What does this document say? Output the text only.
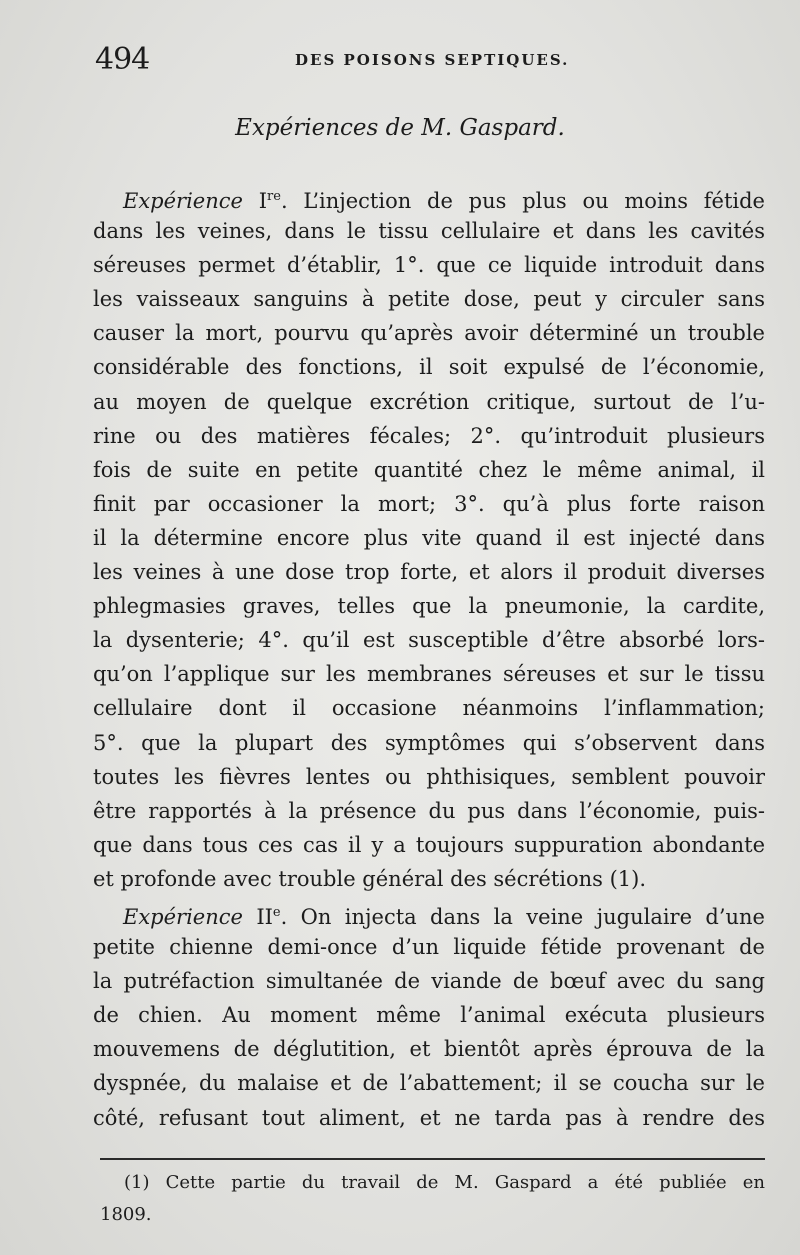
494	DES POISONS SEPTIQUES.
Expériences de M. Gaspard.
Expérience Ire. L’injection de pus plus ou moins fétide
dans les veines, dans le tissu cellulaire et dans les cavités
séreuses permet d’établir, 1°. que ce liquide introduit dans
les vaisseaux sanguins à petite dose, peut y circuler sans
causer la mort, pourvu qu’après avoir déterminé un trouble
considérable des fonctions, il soit expulsé de l’économie,
au moyen de quelque excrétion critique, surtout de l’u-
rine ou des matières fécales; 2°. qu’introduit plusieurs
fois de suite en petite quantité chez le même animal, il
finit par occasioner la mort; 3°. qu’à plus forte raison
il la détermine encore plus vite quand il est injecté dans
les veines à une dose trop forte, et alors il produit diverses
phlegmasies graves, telles que la pneumonie, la cardite,
la dysenterie; 4°. qu’il est susceptible d’être absorbé lors-
qu’on l’applique sur les membranes séreuses et sur le tissu
cellulaire dont il occasione néanmoins l’inflammation;
5°. que la plupart des symptômes qui s’observent dans
toutes les fièvres lentes ou phthisiques, semblent pouvoir
être rapportés à la présence du pus dans l’économie, puis-
que dans tous ces cas il y a toujours suppuration abondante
et profonde avec trouble général des sécrétions (1).
Expérience IIe. On injecta dans la veine jugulaire d’une
petite chienne demi-once d’un liquide fétide provenant de
la putréfaction simultanée de viande de bœuf avec du sang
de chien. Au moment même l’animal exécuta plusieurs
mouvemens de déglutition, et bientôt après éprouva de la
dyspnée, du malaise et de l’abattement; il se coucha sur le
côté, refusant tout aliment, et ne tarda pas à rendre des
(1) Cette partie du travail de M. Gaspard a été publiée en
1809.
